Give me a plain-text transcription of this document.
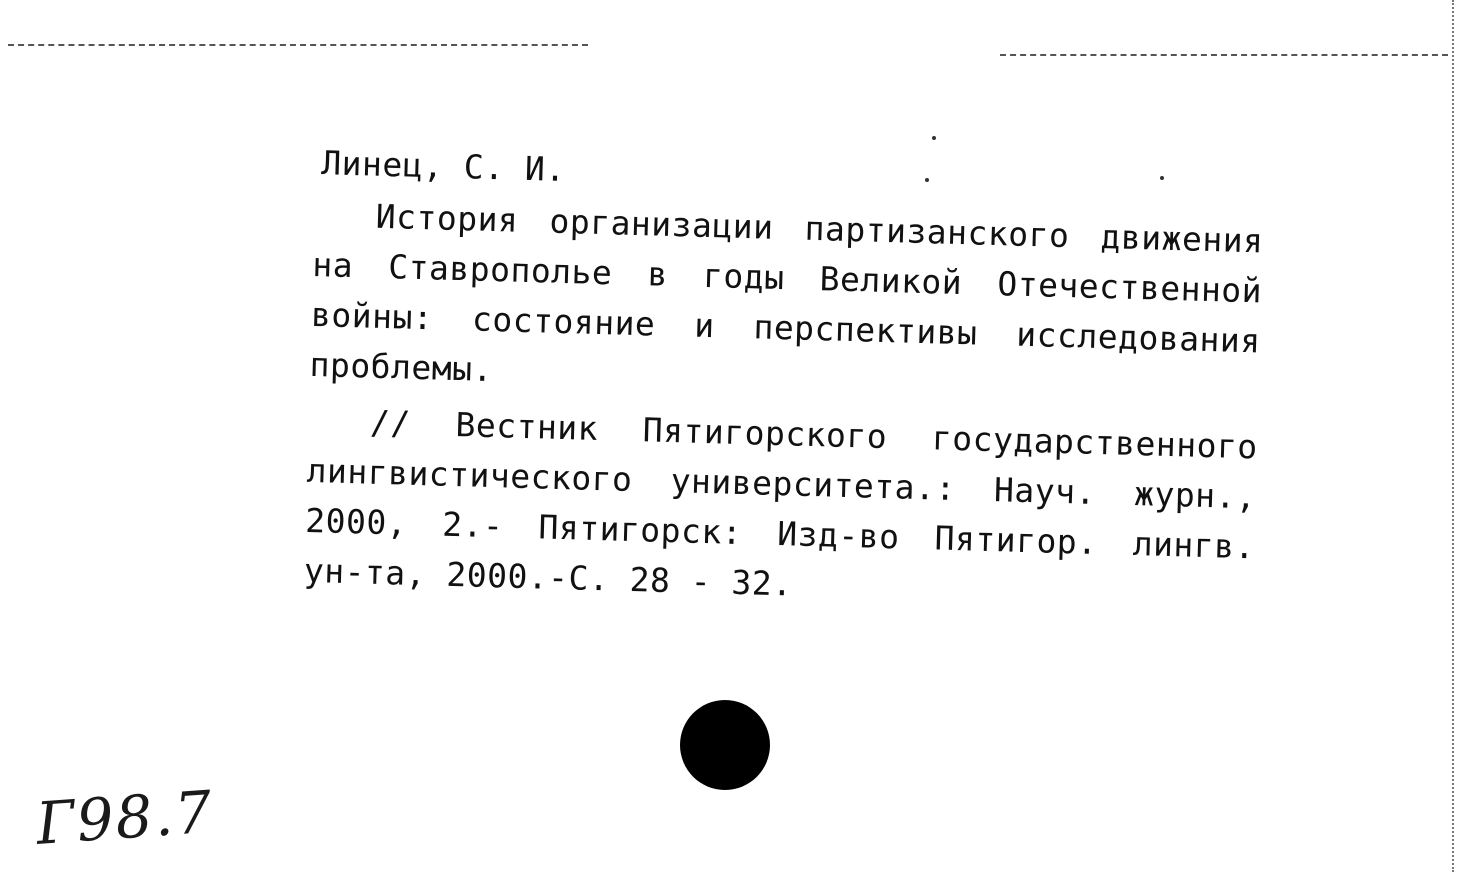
Линец, С. И.

История организации партизанского движения на Ставрополье в годы Великой Отечественной войны: состояние и перспективы исследования проблемы.

// Вестник Пятигорского государственного лингвистического университета.: Науч. журн., 2000, 2.- Пятигорск: Изд-во Пятигор. лингв. ун-та, 2000.-С. 28 - 32.

Г98.7
